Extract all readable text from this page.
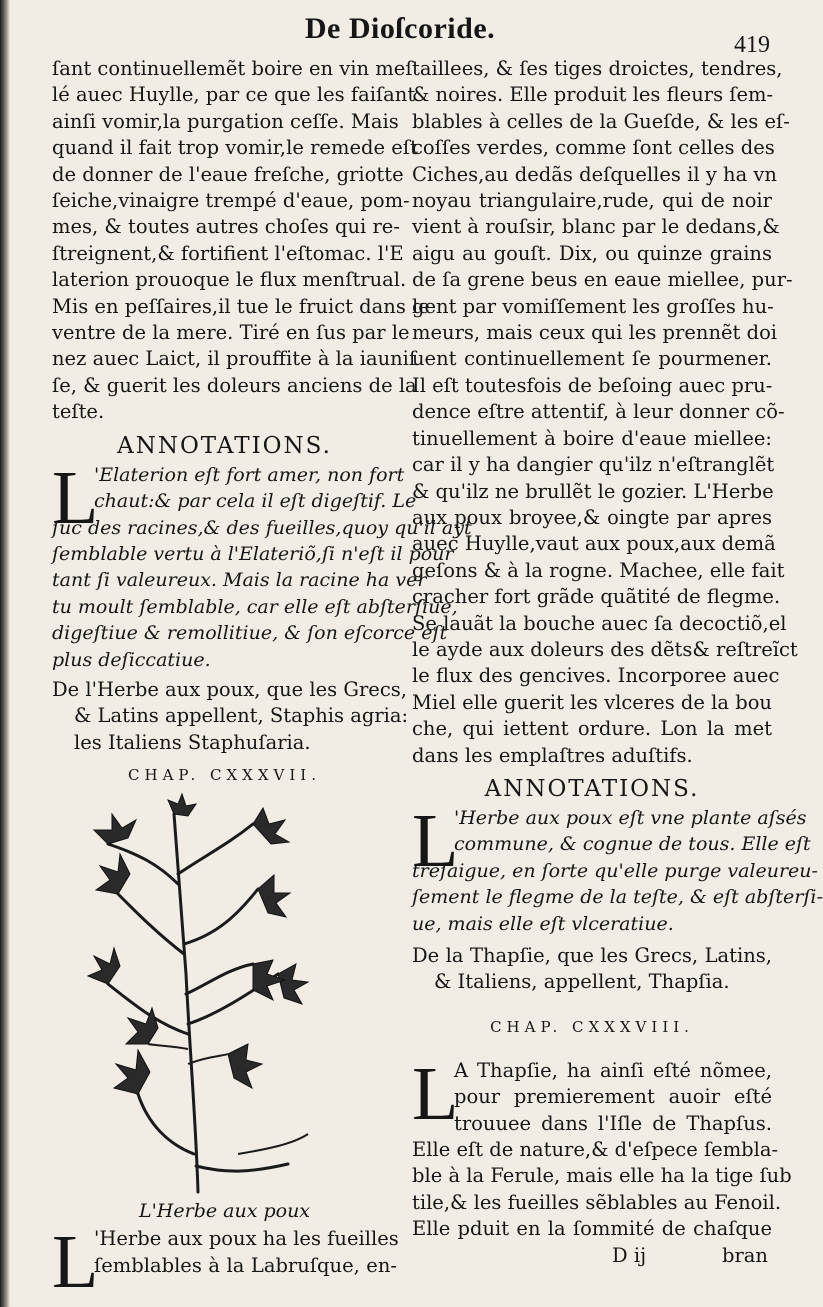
De Dioſcoride.	419
ſant continuellemẽt boire en vin meſ
lé auec Huylle, par ce que les faiſant
ainſi vomir,la purgation ceſſe. Mais
quand il fait trop vomir,le remede eſt
de donner de l'eaue freſche, griotte
ſeiche,vinaigre trempé d'eaue, pom-
mes, & toutes autres choſes qui re-
ſtreignent,& fortifient l'eſtomac. l'E
laterion prouoque le flux menſtrual.
Mis en peſſaires,il tue le fruict dans le
ventre de la mere. Tiré en ſus par le
nez auec Laict, il prouffite à la iaunif
ſe, & guerit les doleurs anciens de la
teſte.
ANNOTATIONS.
L
'Elaterion eſt fort amer, non fort
chaut:& par cela il eſt digeſtif. Le
ſuc des racines,& des fueilles,quoy qu'il ayt
ſemblable vertu à l'Elateriõ,ſi n'eſt il pour
tant ſi valeureux. Mais la racine ha ver
tu moult ſemblable, car elle eſt abſterſiue,
digeſtiue & remollitiue, & ſon eſcorce eſt
plus deſiccatiue.
De l'Herbe aux poux, que les Grecs,
& Latins appellent, Staphis agria:
les Italiens Staphuſaria.
CHAP. CXXXVII.
L'Herbe aux poux
L
'Herbe aux poux ha les fueilles
ſemblables à la Labruſque, en-
taillees, & ſes tiges droictes, tendres,
& noires. Elle produit les fleurs ſem-
blables à celles de la Gueſde, & les eſ-
coſſes verdes, comme ſont celles des
Ciches,au dedãs deſquelles il y ha vn
noyau triangulaire,rude, qui de noir
vient à rouſsir, blanc par le dedans,&
aigu au gouſt. Dix, ou quinze grains
de ſa grene beus en eaue miellee, pur-
gent par vomiſſement les groſſes hu-
meurs, mais ceux qui les prennẽt doi
uent continuellement ſe pourmener.
Il eſt toutesfois de beſoing auec pru-
dence eſtre attentif, à leur donner cõ-
tinuellement à boire d'eaue miellee:
car il y ha dangier qu'ilz n'eſtranglẽt
& qu'ilz ne brullẽt le gozier. L'Herbe
aux poux broyee,& oingte par apres
auec Huylle,vaut aux poux,aux demã
geſons & à la rogne. Machee, elle fait
cracher fort grãde quãtité de flegme.
Se lauãt la bouche auec ſa decoctiõ,el
le ayde aux doleurs des dẽts& reſtreĩct
le flux des gencives. Incorporee auec
Miel elle guerit les vlceres de la bou
che, qui iettent ordure. Lon la met
dans les emplaſtres aduſtifs.
ANNOTATIONS.
L
'Herbe aux poux eſt vne plante aſsés
commune, & cognue de tous. Elle eſt
treſaigue, en ſorte qu'elle purge valeureu-
ſement le flegme de la teſte, & eſt abſterſi-
ue, mais elle eſt vlceratiue.
De la Thapſie, que les Grecs, Latins,
& Italiens, appellent, Thapſia.
CHAP. CXXXVIII.
L
A Thapſie, ha ainſi eſté nõmee,
pour premierement auoir eſté
trouuee dans l'Iſle de Thapſus.
Elle eſt de nature,& d'eſpece ſembla-
ble à la Ferule, mais elle ha la tige ſub
tile,& les fueilles sẽblables au Fenoil.
Elle pduit en la ſommité de chaſque
D ij	bran
